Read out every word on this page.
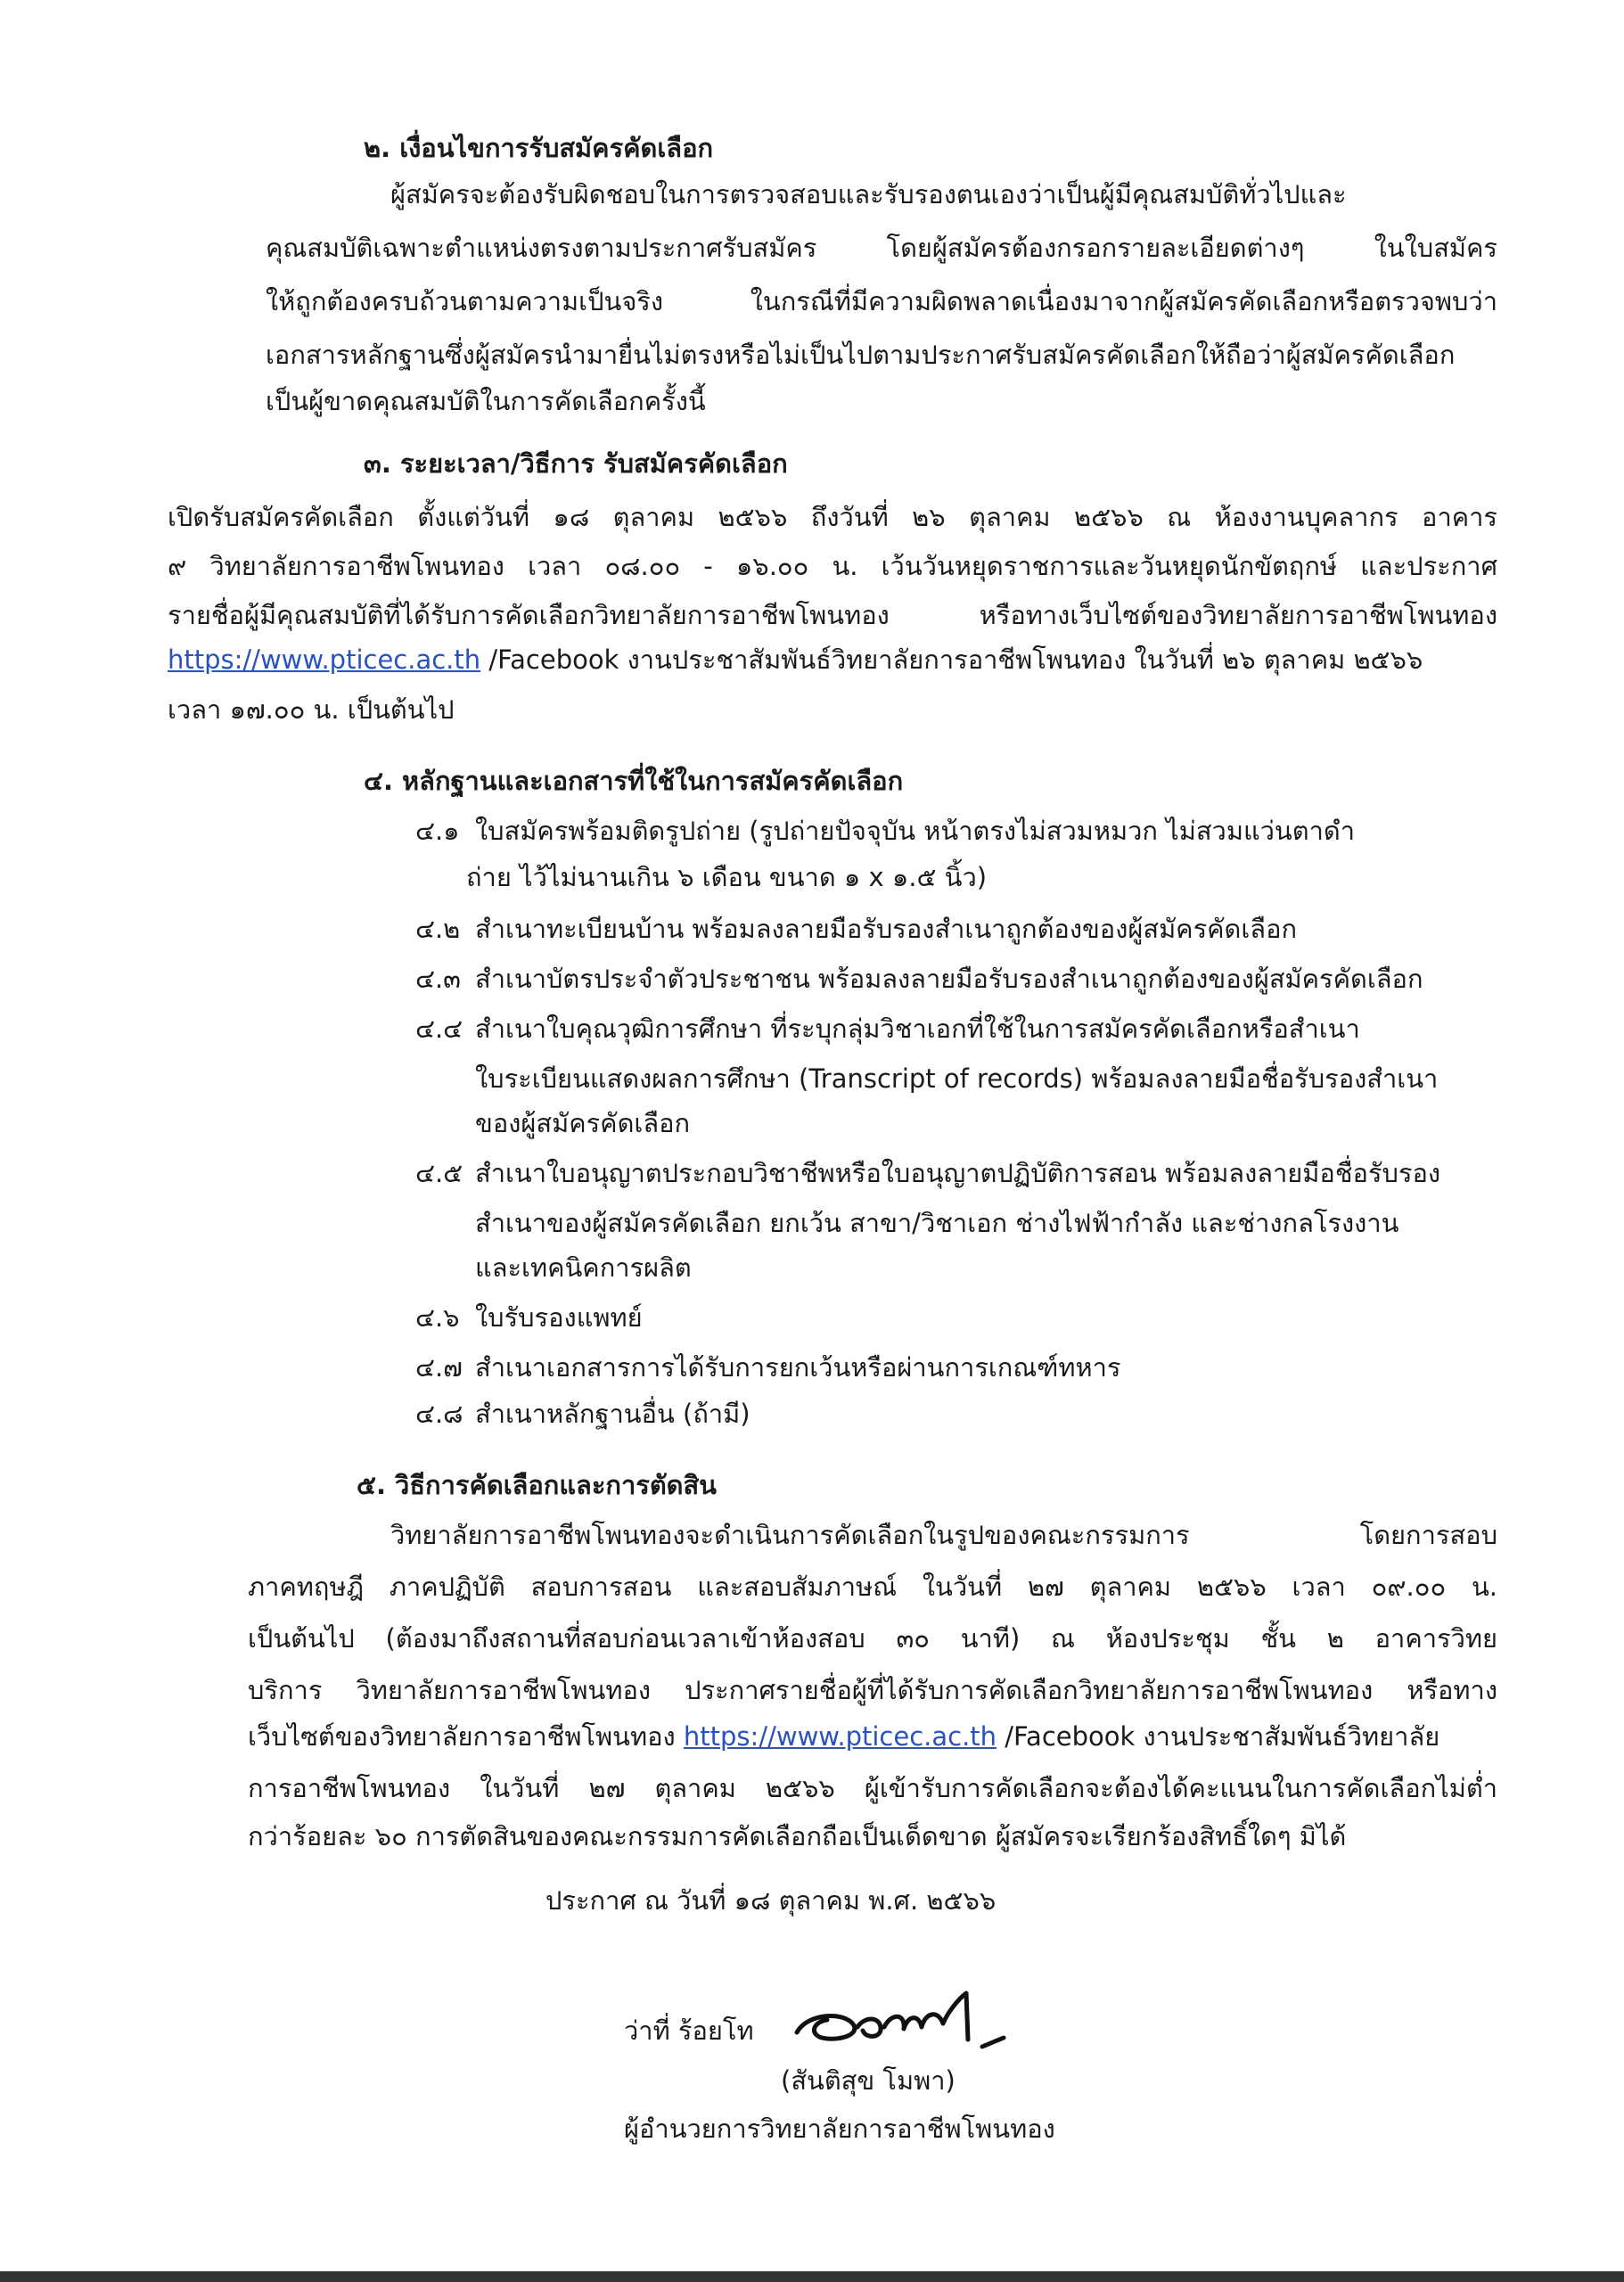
๒. เงื่อนไขการรับสมัครคัดเลือก
ผู้สมัครจะต้องรับผิดชอบในการตรวจสอบและรับรองตนเองว่าเป็นผู้มีคุณสมบัติทั่วไปและ
คุณสมบัติเฉพาะตำแหน่งตรงตามประกาศรับสมัคร โดยผู้สมัครต้องกรอกรายละเอียดต่างๆ ในใบสมัคร
ให้ถูกต้องครบถ้วนตามความเป็นจริง ในกรณีที่มีความผิดพลาดเนื่องมาจากผู้สมัครคัดเลือกหรือตรวจพบว่า
เอกสารหลักฐานซึ่งผู้สมัครนำมายื่นไม่ตรงหรือไม่เป็นไปตามประกาศรับสมัครคัดเลือกให้ถือว่าผู้สมัครคัดเลือก
เป็นผู้ขาดคุณสมบัติในการคัดเลือกครั้งนี้
๓. ระยะเวลา/วิธีการ รับสมัครคัดเลือก
เปิดรับสมัครคัดเลือก ตั้งแต่วันที่ ๑๘ ตุลาคม ๒๕๖๖ ถึงวันที่ ๒๖ ตุลาคม ๒๕๖๖ ณ ห้องงานบุคลากร อาคาร
๙ วิทยาลัยการอาชีพโพนทอง เวลา ๐๘.๐๐ - ๑๖.๐๐ น. เว้นวันหยุดราชการและวันหยุดนักขัตฤกษ์ และประกาศ
รายชื่อผู้มีคุณสมบัติที่ได้รับการคัดเลือกวิทยาลัยการอาชีพโพนทอง หรือทางเว็บไซต์ของวิทยาลัยการอาชีพโพนทอง
https://www.pticec.ac.th /Facebook งานประชาสัมพันธ์วิทยาลัยการอาชีพโพนทอง ในวันที่ ๒๖ ตุลาคม ๒๕๖๖
เวลา ๑๗.๐๐ น. เป็นต้นไป
๔. หลักฐานและเอกสารที่ใช้ในการสมัครคัดเลือก
๔.๑ ใบสมัครพร้อมติดรูปถ่าย (รูปถ่ายปัจจุบัน หน้าตรงไม่สวมหมวก ไม่สวมแว่นตาดำ
ถ่าย ไว้ไม่นานเกิน ๖ เดือน ขนาด ๑ x ๑.๕ นิ้ว)
๔.๒ สำเนาทะเบียนบ้าน พร้อมลงลายมือรับรองสำเนาถูกต้องของผู้สมัครคัดเลือก
๔.๓ สำเนาบัตรประจำตัวประชาชน พร้อมลงลายมือรับรองสำเนาถูกต้องของผู้สมัครคัดเลือก
๔.๔ สำเนาใบคุณวุฒิการศึกษา ที่ระบุกลุ่มวิชาเอกที่ใช้ในการสมัครคัดเลือกหรือสำเนา
ใบระเบียนแสดงผลการศึกษา (Transcript of records) พร้อมลงลายมือชื่อรับรองสำเนา
ของผู้สมัครคัดเลือก
๔.๕ สำเนาใบอนุญาตประกอบวิชาชีพหรือใบอนุญาตปฏิบัติการสอน พร้อมลงลายมือชื่อรับรอง
สำเนาของผู้สมัครคัดเลือก ยกเว้น สาขา/วิชาเอก ช่างไฟฟ้ากำลัง และช่างกลโรงงาน
และเทคนิคการผลิต
๔.๖ ใบรับรองแพทย์
๔.๗ สำเนาเอกสารการได้รับการยกเว้นหรือผ่านการเกณฑ์ทหาร
๔.๘ สำเนาหลักฐานอื่น (ถ้ามี)
๕. วิธีการคัดเลือกและการตัดสิน
วิทยาลัยการอาชีพโพนทองจะดำเนินการคัดเลือกในรูปของคณะกรรมการ โดยการสอบ
ภาคทฤษฎี ภาคปฏิบัติ สอบการสอน และสอบสัมภาษณ์ ในวันที่ ๒๗ ตุลาคม ๒๕๖๖ เวลา ๐๙.๐๐ น.
เป็นต้นไป (ต้องมาถึงสถานที่สอบก่อนเวลาเข้าห้องสอบ ๓๐ นาที) ณ ห้องประชุม ชั้น ๒ อาคารวิทย
บริการ วิทยาลัยการอาชีพโพนทอง ประกาศรายชื่อผู้ที่ได้รับการคัดเลือกวิทยาลัยการอาชีพโพนทอง หรือทาง
เว็บไซต์ของวิทยาลัยการอาชีพโพนทอง https://www.pticec.ac.th /Facebook งานประชาสัมพันธ์วิทยาลัย
การอาชีพโพนทอง ในวันที่ ๒๗ ตุลาคม ๒๕๖๖ ผู้เข้ารับการคัดเลือกจะต้องได้คะแนนในการคัดเลือกไม่ต่ำ
กว่าร้อยละ ๖๐ การตัดสินของคณะกรรมการคัดเลือกถือเป็นเด็ดขาด ผู้สมัครจะเรียกร้องสิทธิ์ใดๆ มิได้
ประกาศ ณ วันที่ ๑๘ ตุลาคม พ.ศ. ๒๕๖๖
ว่าที่ ร้อยโท
(สันติสุข โมพา)
ผู้อำนวยการวิทยาลัยการอาชีพโพนทอง
